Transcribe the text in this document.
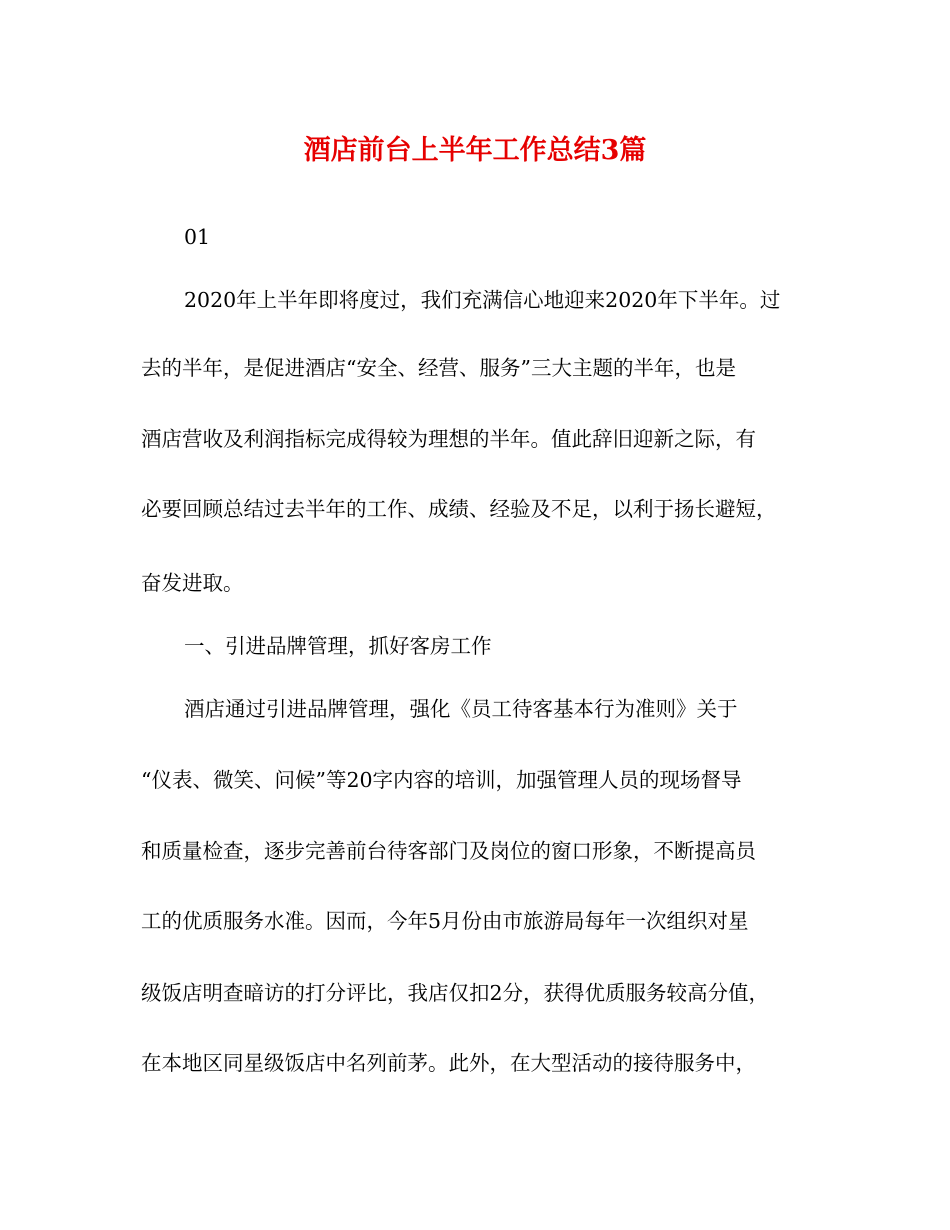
酒店前台上半年工作总结3篇
01
2020年上半年即将度过，我们充满信心地迎来2020年下半年。过
去的半年，是促进酒店“安全、经营、服务”三大主题的半年，也是
酒店营收及利润指标完成得较为理想的半年。值此辞旧迎新之际，有
必要回顾总结过去半年的工作、成绩、经验及不足，以利于扬长避短，
奋发进取。
一、引进品牌管理，抓好客房工作
酒店通过引进品牌管理，强化《员工待客基本行为准则》关于
“仪表、微笑、问候”等20字内容的培训，加强管理人员的现场督导
和质量检查，逐步完善前台待客部门及岗位的窗口形象，不断提高员
工的优质服务水准。因而，今年5月份由市旅游局每年一次组织对星
级饭店明查暗访的打分评比，我店仅扣2分，获得优质服务较高分值，
在本地区同星级饭店中名列前茅。此外，在大型活动的接待服务中，
